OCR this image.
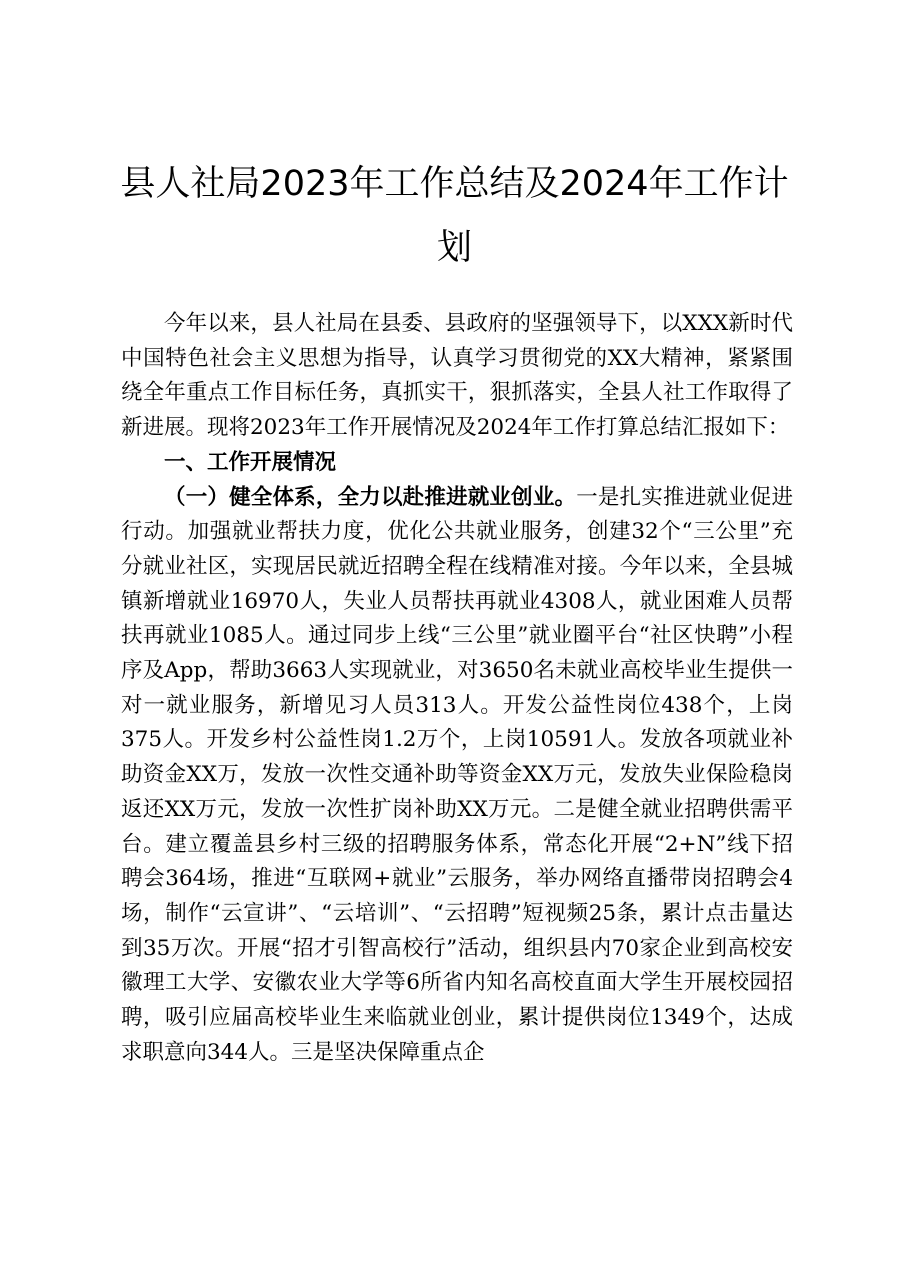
县人社局2023年工作总结及2024年工作计
划

今年以来，县人社局在县委、县政府的坚强领导下，以XXX新时代中国特色社会主义思想为指导，认真学习贯彻党的XX大精神，紧紧围绕全年重点工作目标任务，真抓实干，狠抓落实，全县人社工作取得了新进展。现将2023年工作开展情况及2024年工作打算总结汇报如下：

一、工作开展情况

（一）健全体系，全力以赴推进就业创业。一是扎实推进就业促进行动。加强就业帮扶力度，优化公共就业服务，创建32个“三公里”充分就业社区，实现居民就近招聘全程在线精准对接。今年以来，全县城镇新增就业16970人，失业人员帮扶再就业4308人，就业困难人员帮扶再就业1085人。通过同步上线“三公里”就业圈平台“社区快聘”小程序及App，帮助3663人实现就业，对3650名未就业高校毕业生提供一对一就业服务，新增见习人员313人。开发公益性岗位438个，上岗375人。开发乡村公益性岗1.2万个，上岗10591人。发放各项就业补助资金XX万，发放一次性交通补助等资金XX万元，发放失业保险稳岗返还XX万元，发放一次性扩岗补助XX万元。二是健全就业招聘供需平台。建立覆盖县乡村三级的招聘服务体系，常态化开展“2+N”线下招聘会364场，推进“互联网+就业”云服务，举办网络直播带岗招聘会4场，制作“云宣讲”、“云培训”、“云招聘”短视频25条，累计点击量达到35万次。开展“招才引智高校行”活动，组织县内70家企业到高校安徽理工大学、安徽农业大学等6所省内知名高校直面大学生开展校园招聘，吸引应届高校毕业生来临就业创业，累计提供岗位1349个，达成求职意向344人。三是坚决保障重点企
